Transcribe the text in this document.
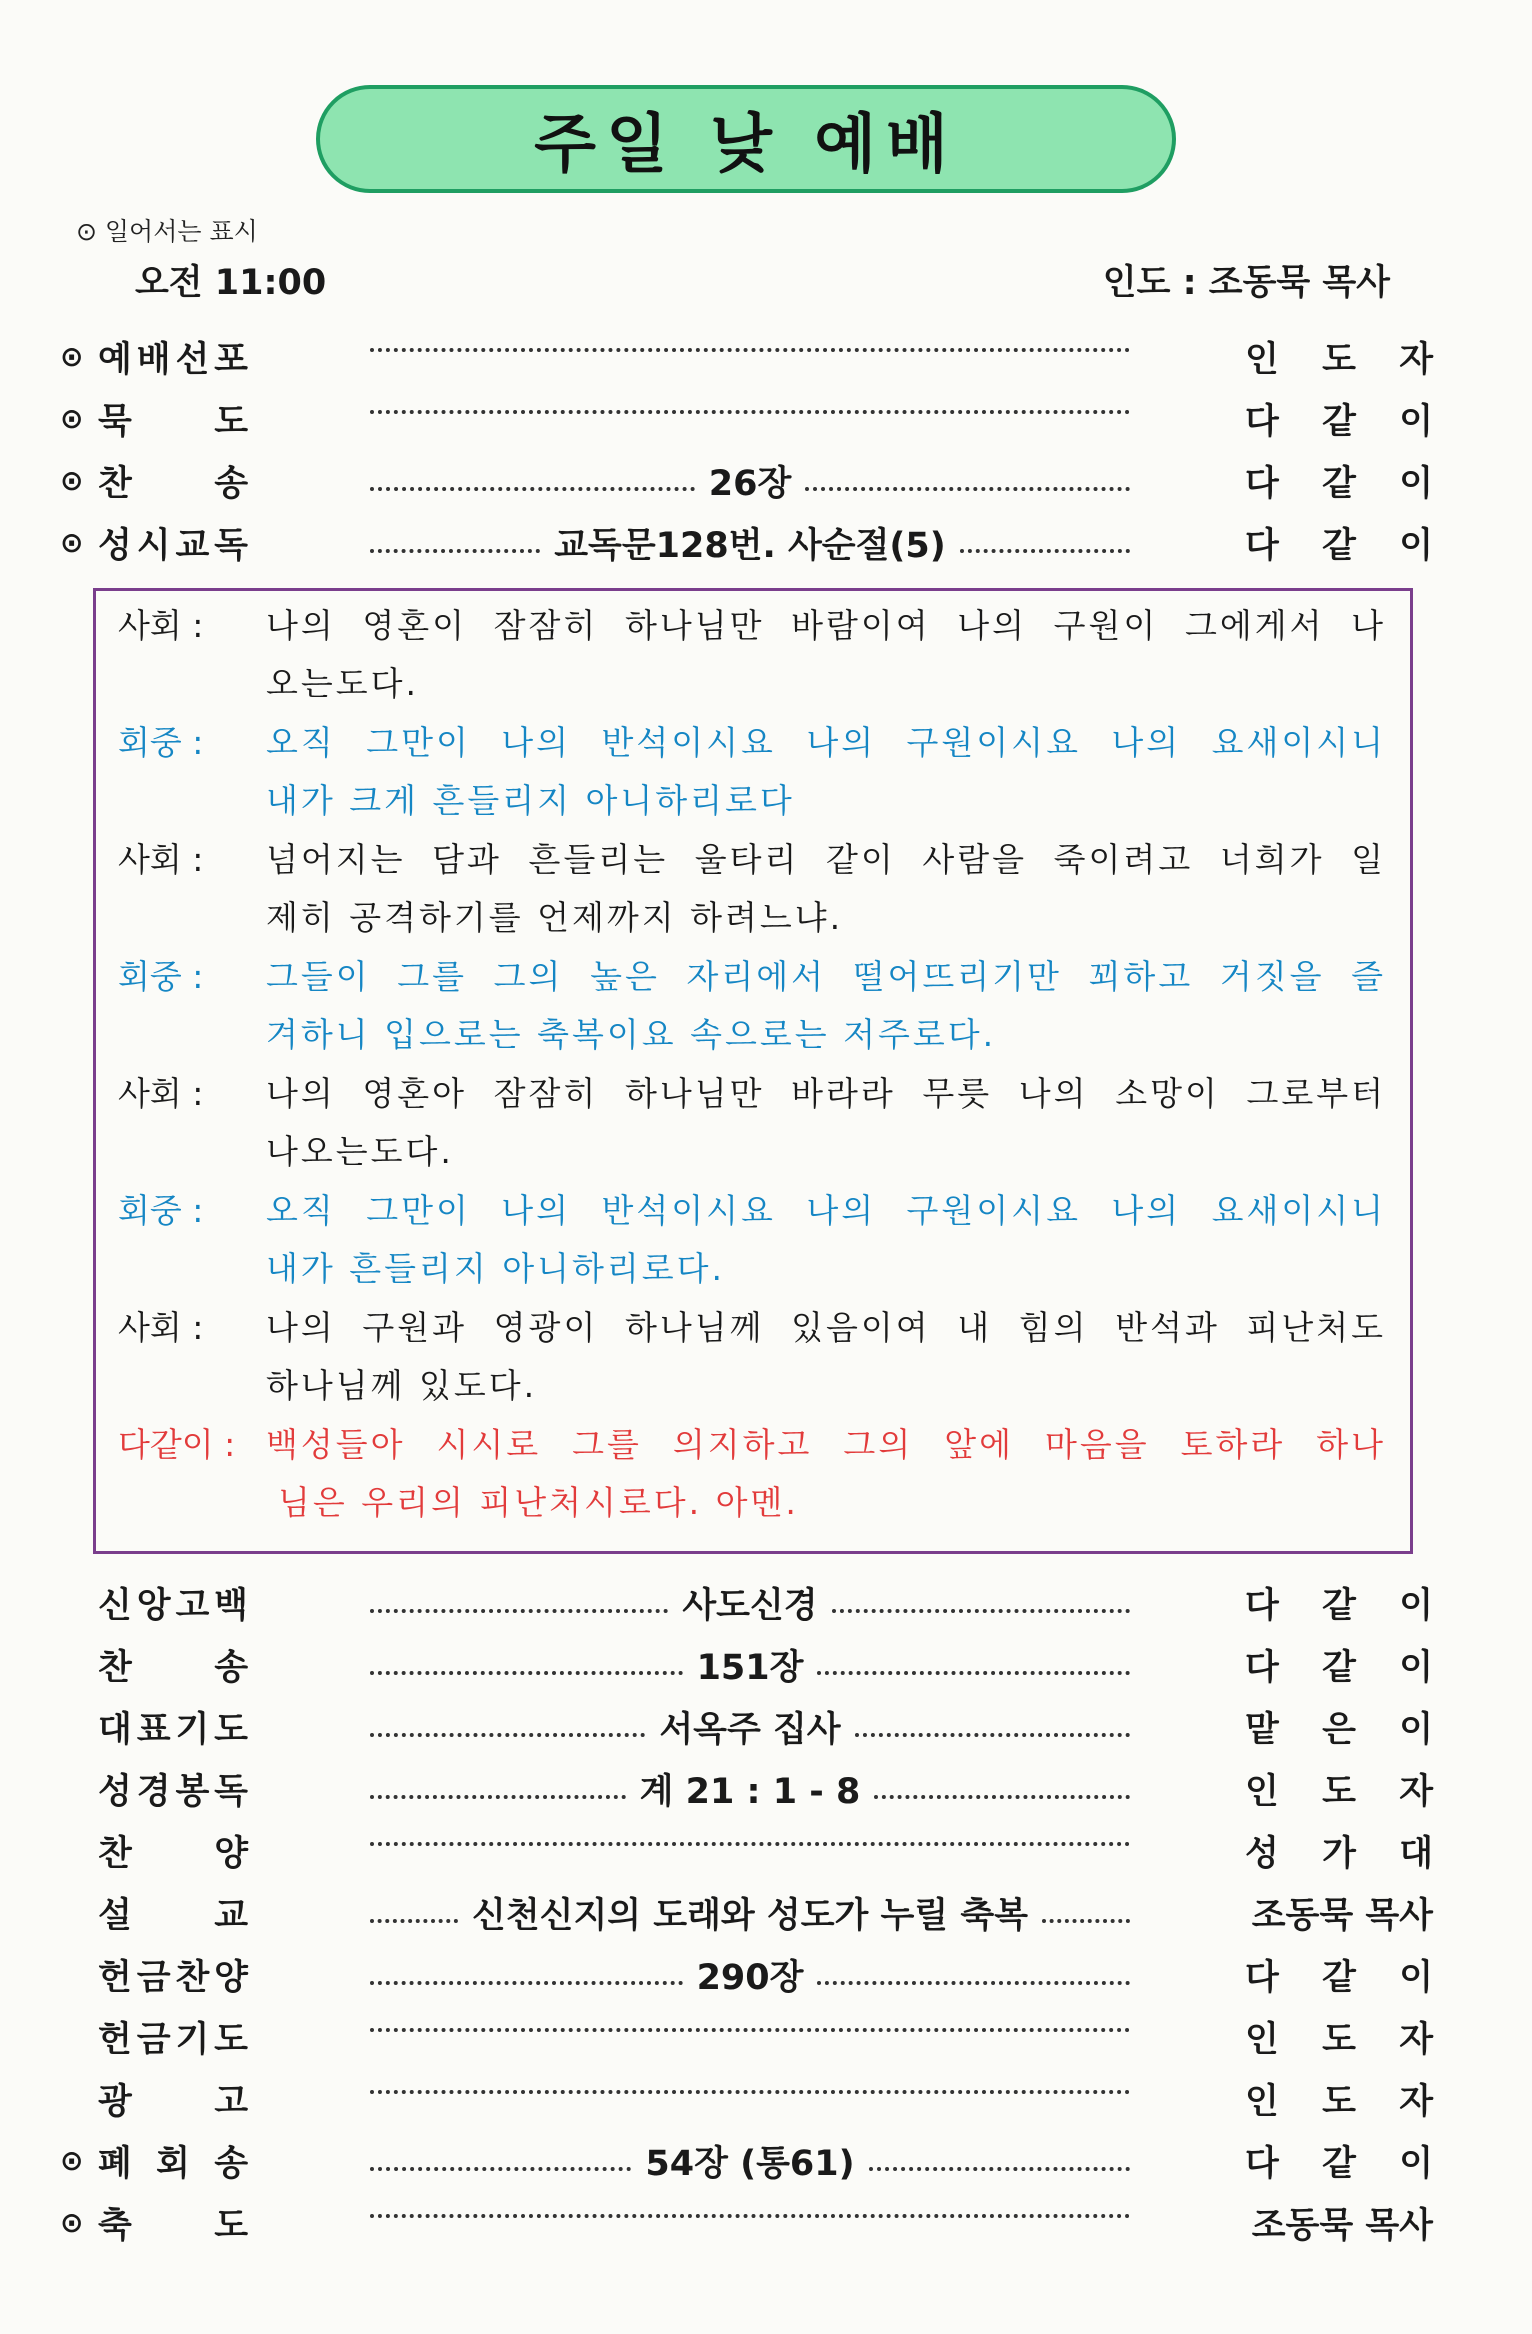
주일 낮 예배
⊙ 일어서는 표시
오전 11:00	인도 : 조동묵 목사
⊙ 예 배 선 포	인 도 자
⊙ 묵 도	다 같 이
⊙ 찬 송	26장	다 같 이
⊙ 성 시 교 독	교독문128번. 사순절(5)	다 같 이
사회 : 나의 영혼이 잠잠히 하나님만 바람이여 나의 구원이 그에게서 나
오는도다.
회중 : 오직 그만이 나의 반석이시요 나의 구원이시요 나의 요새이시니
내가 크게 흔들리지 아니하리로다
사회 : 넘어지는 담과 흔들리는 울타리 같이 사람을 죽이려고 너희가 일
제히 공격하기를 언제까지 하려느냐.
회중 : 그들이 그를 그의 높은 자리에서 떨어뜨리기만 꾀하고 거짓을 즐
겨하니 입으로는 축복이요 속으로는 저주로다.
사회 : 나의 영혼아 잠잠히 하나님만 바라라 무릇 나의 소망이 그로부터
나오는도다.
회중 : 오직 그만이 나의 반석이시요 나의 구원이시요 나의 요새이시니
내가 흔들리지 아니하리로다.
사회 : 나의 구원과 영광이 하나님께 있음이여 내 힘의 반석과 피난처도
하나님께 있도다.
다같이 : 백성들아 시시로 그를 의지하고 그의 앞에 마음을 토하라 하나
님은 우리의 피난처시로다. 아멘.
신 앙 고 백	사도신경	다 같 이
찬 송	151장	다 같 이
대 표 기 도	서옥주 집사	맡 은 이
성 경 봉 독	계 21 : 1 - 8	인 도 자
찬 양	성 가 대
설 교	신천신지의 도래와 성도가 누릴 축복	조동묵 목사
헌 금 찬 양	290장	다 같 이
헌 금 기 도	인 도 자
광 고	인 도 자
⊙ 폐 회 송	54장 (통61)	다 같 이
⊙ 축 도	조동묵 목사
